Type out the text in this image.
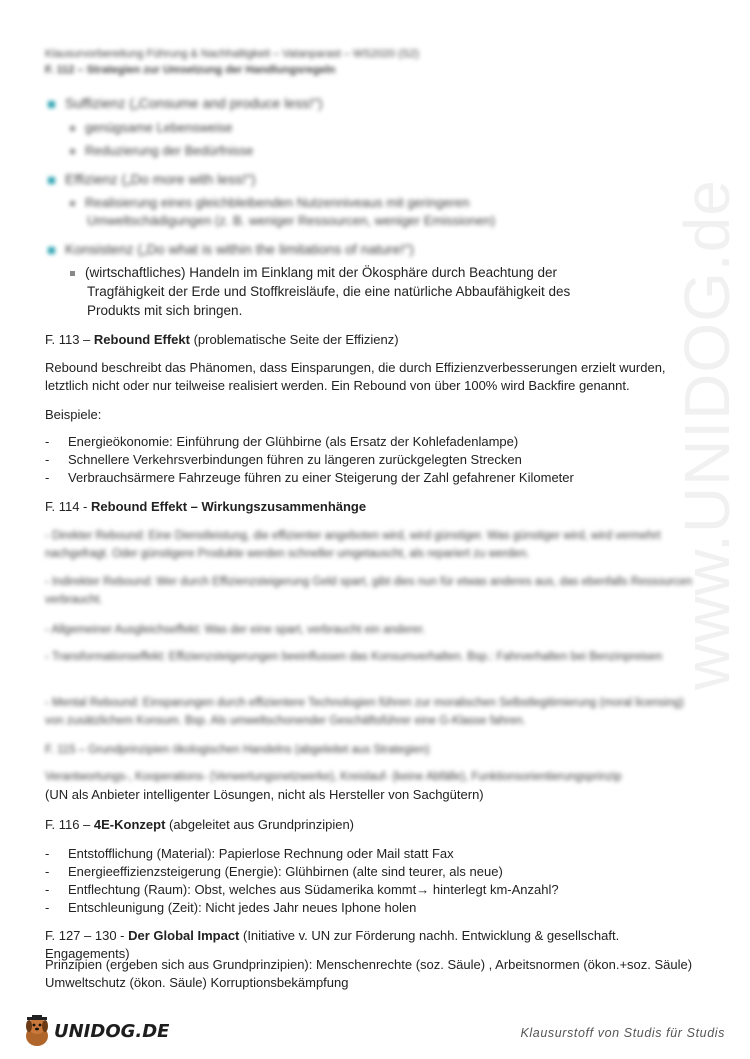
Klausurvorbereitung Führung & Nachhaltigkeit – Vatanparast – WS2020 (S2)

F. 112 – Strategien zur Umsetzung der Handlungsregeln

Suffizienz („Consume and produce less!")

genügsame Lebensweise

Reduzierung der Bedürfnisse

Effizienz („Do more with less!")

Realisierung eines gleichbleibenden Nutzenniveaus mit geringeren

Umweltschädigungen (z. B. weniger Ressourcen, weniger Emissionen)

Konsistenz („Do what is within the limitations of nature!")

(wirtschaftliches) Handeln im Einklang mit der Ökosphäre durch Beachtung der

Tragfähigkeit der Erde und Stoffkreisläufe, die eine natürliche Abbaufähigkeit des

Produkts mit sich bringen.

F. 113 – Rebound Effekt (problematische Seite der Effizienz)

Rebound beschreibt das Phänomen, dass Einsparungen, die durch Effizienzverbesserungen erzielt wurden, letztlich nicht oder nur teilweise realisiert werden. Ein Rebound von über 100% wird Backfire genannt.

Beispiele:

- Energieökonomie: Einführung der Glühbirne (als Ersatz der Kohlefadenlampe)
- Schnellere Verkehrsverbindungen führen zu längeren zurückgelegten Strecken
- Verbrauchsärmere Fahrzeuge führen zu einer Steigerung der Zahl gefahrener Kilometer

F. 114 - Rebound Effekt – Wirkungszusammenhänge

- Direkter Rebound: Eine Dienstleistung, die effizienter angeboten wird, wird günstiger. Was günstiger wird, wird vermehrt nachgefragt. Oder günstigere Produkte werden schneller umgetauscht, als repariert zu werden.

- Indirekter Rebound: Wer durch Effizienzsteigerung Geld spart, gibt dies nun für etwas anderes aus, das ebenfalls Ressourcen verbraucht.

- Allgemeiner Ausgleichseffekt: Was der eine spart, verbraucht ein anderer.

- Transformationseffekt: Effizienzsteigerungen beeinflussen das Konsumverhalten. Bsp.: Fahrverhalten bei Benzinpreisen

- Mental Rebound: Einsparungen durch effizientere Technologien führen zur moralischen Selbstlegitimierung (moral licensing) von zusätzlichem Konsum. Bsp. Als umweltschonender Geschäftsführer eine G-Klasse fahren.

F. 115 – Grundprinzipien ökologischen Handelns (abgeleitet aus Strategien)

Verantwortungs-, Kooperations- (Verwertungsnetzwerke), Kreislauf- (keine Abfälle), Funktionsorientierungsprinzip

(UN als Anbieter intelligenter Lösungen, nicht als Hersteller von Sachgütern)

F. 116 – 4E-Konzept (abgeleitet aus Grundprinzipien)

- Entstofflichung (Material): Papierlose Rechnung oder Mail statt Fax
- Energieeffizienzsteigerung (Energie): Glühbirnen (alte sind teurer, als neue)
- Entflechtung (Raum): Obst, welches aus Südamerika kommt→ hinterlegt km-Anzahl?
- Entschleunigung (Zeit): Nicht jedes Jahr neues Iphone holen

F. 127 – 130 - Der Global Impact (Initiative v. UN zur Förderung nachh. Entwicklung & gesellschaft. Engagements)

Prinzipien (ergeben sich aus Grundprinzipien): Menschenrechte (soz. Säule) , Arbeitsnormen (ökon.+soz. Säule)

Umweltschutz (ökon. Säule) Korruptionsbekämpfung

www.UNIDOG.de
UNIDOG.DE	Klausurstoff von Studis für Studis
